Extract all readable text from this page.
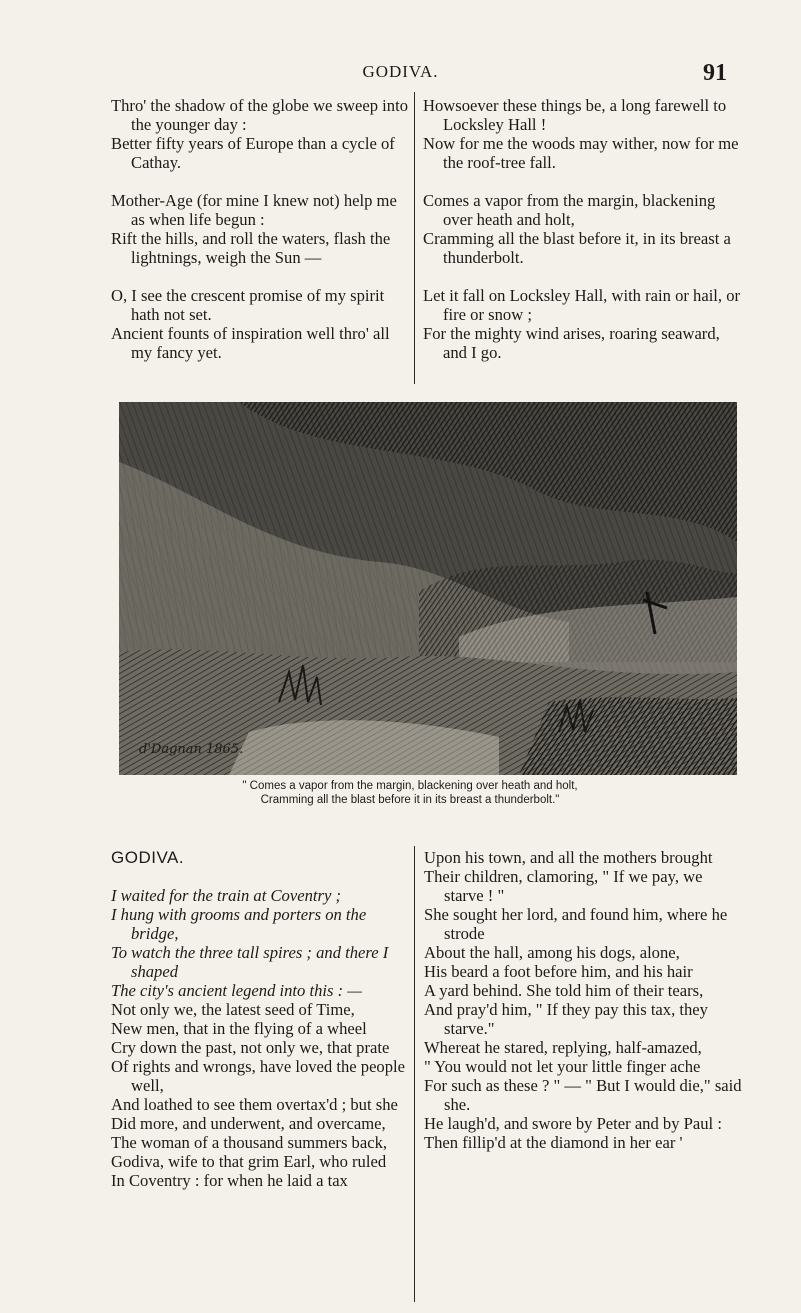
GODIVA.	91
Thro' the shadow of the globe we sweep into the younger day :
Better fifty years of Europe than a cycle of Cathay.
Mother-Age (for mine I knew not) help me as when life begun :
Rift the hills, and roll the waters, flash the lightnings, weigh the Sun —
O, I see the crescent promise of my spirit hath not set.
Ancient founts of inspiration well thro' all my fancy yet.
Howsoever these things be, a long farewell to Locksley Hall !
Now for me the woods may wither, now for me the roof-tree fall.
Comes a vapor from the margin, blackening over heath and holt,
Cramming all the blast before it, in its breast a thunderbolt.
Let it fall on Locksley Hall, with rain or hail, or fire or snow ;
For the mighty wind arises, roaring seaward, and I go.
d'Dagnan 1865.
" Comes a vapor from the margin, blackening over heath and holt,
Cramming all the blast before it in its breast a thunderbolt."
GODIVA.
I waited for the train at Coventry ;
I hung with grooms and porters on the bridge,
To watch the three tall spires ; and there I shaped
The city's ancient legend into this : —
Not only we, the latest seed of Time,
New men, that in the flying of a wheel
Cry down the past, not only we, that prate
Of rights and wrongs, have loved the people well,
And loathed to see them overtax'd ; but she
Did more, and underwent, and overcame,
The woman of a thousand summers back,
Godiva, wife to that grim Earl, who ruled
In Coventry : for when he laid a tax
Upon his town, and all the mothers brought
Their children, clamoring, " If we pay, we starve ! "
She sought her lord, and found him, where he strode
About the hall, among his dogs, alone,
His beard a foot before him, and his hair
A yard behind. She told him of their tears,
And pray'd him, " If they pay this tax, they starve."
Whereat he stared, replying, half-amazed,
" You would not let your little finger ache
For such as these ? " — " But I would die," said she.
He laugh'd, and swore by Peter and by Paul :
Then fillip'd at the diamond in her ear '
